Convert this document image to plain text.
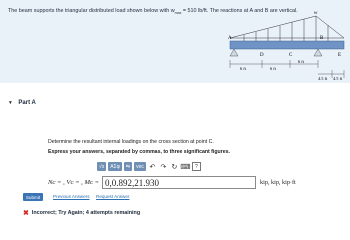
The beam supports the triangular distributed load shown below with $w_{max} = 510$ lb/ft. The reactions at A and B are vertical.	w
A	B
D	C	E
6 ft	6 ft
6 ft
4.5 ft 4.5 ft
▼ Part A
Determine the resultant internal loadings on the cross section at point C.
Express your answers, separated by commas, to three significant figures.
√x	ΑΣφ	⇆	vec ↶ ↷ ↻ ⌨ ?
Nᴄ = , Vᴄ = , Mᴄ = 0,0.892,21.930	kip, kip, kip·ft
Submit	Previous Answers Request Answer
✖ Incorrect; Try Again; 4 attempts remaining
